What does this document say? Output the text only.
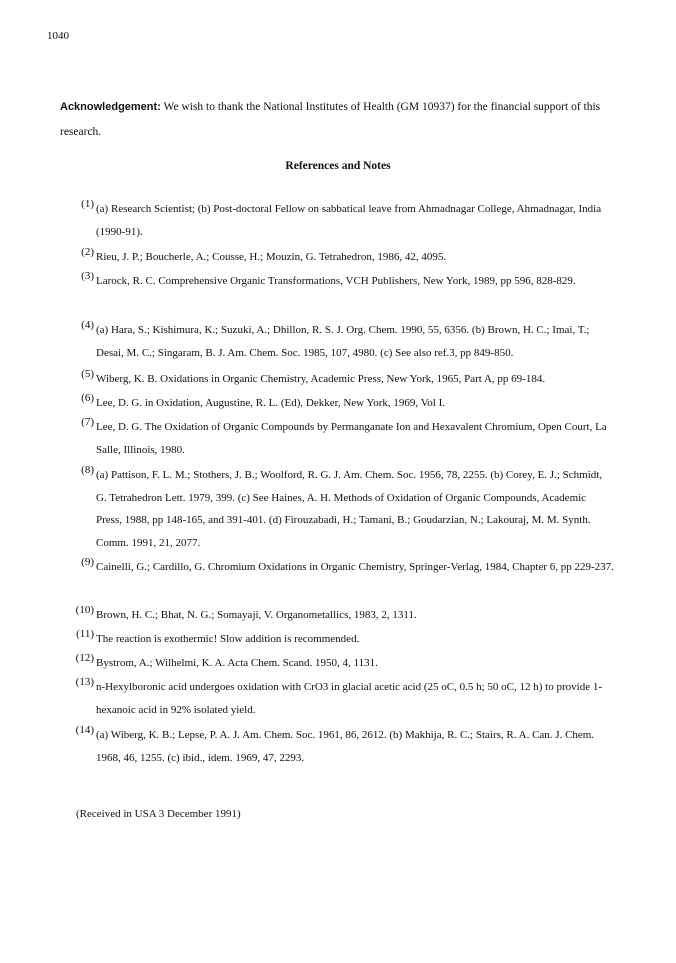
1040
Acknowledgement: We wish to thank the National Institutes of Health (GM 10937) for the financial support of this research.
References and Notes
(1) (a) Research Scientist; (b) Post-doctoral Fellow on sabbatical leave from Ahmadnagar College, Ahmadnagar, India (1990-91).
(2) Rieu, J. P.; Boucherle, A.; Cousse, H.; Mouzin, G. Tetrahedron, 1986, 42, 4095.
(3) Larock, R. C. Comprehensive Organic Transformations, VCH Publishers, New York, 1989, pp 596, 828-829.
(4) (a) Hara, S.; Kishimura, K.; Suzuki, A.; Dhillon, R. S. J. Org. Chem. 1990, 55, 6356. (b) Brown, H. C.; Imai, T.; Desai, M. C.; Singaram, B. J. Am. Chem. Soc. 1985, 107, 4980. (c) See also ref.3, pp 849-850.
(5) Wiberg, K. B. Oxidations in Organic Chemistry, Academic Press, New York, 1965, Part A, pp 69-184.
(6) Lee, D. G. in Oxidation, Augustine, R. L. (Ed), Dekker, New York, 1969, Vol I.
(7) Lee, D. G. The Oxidation of Organic Compounds by Permanganate Ion and Hexavalent Chromium, Open Court, La Salle, Illinois, 1980.
(8) (a) Pattison, F. L. M.; Stothers, J. B.; Woolford, R. G. J. Am. Chem. Soc. 1956, 78, 2255. (b) Corey, E. J.; Schmidt, G. Tetrahedron Lett. 1979, 399. (c) See Haines, A. H. Methods of Oxidation of Organic Compounds, Academic Press, 1988, pp 148-165, and 391-401. (d) Firouzabadi, H.; Tamani, B.; Goudarzian, N.; Lakouraj, M. M. Synth. Comm. 1991, 21, 2077.
(9) Cainelli, G.; Cardillo, G. Chromium Oxidations in Organic Chemistry, Springer-Verlag, 1984, Chapter 6, pp 229-237.
(10) Brown, H. C.; Bhat, N. G.; Somayaji, V. Organometallics, 1983, 2, 1311.
(11) The reaction is exothermic! Slow addition is recommended.
(12) Bystrom, A.; Wilhelmi, K. A. Acta Chem. Scand. 1950, 4, 1131.
(13) n-Hexylboronic acid undergoes oxidation with CrO3 in glacial acetic acid (25 oC, 0.5 h; 50 oC, 12 h) to provide 1-hexanoic acid in 92% isolated yield.
(14) (a) Wiberg, K. B.; Lepse, P. A. J. Am. Chem. Soc. 1961, 86, 2612. (b) Makhija, R. C.; Stairs, R. A. Can. J. Chem. 1968, 46, 1255. (c) ibid., idem. 1969, 47, 2293.
(Received in USA 3 December 1991)
